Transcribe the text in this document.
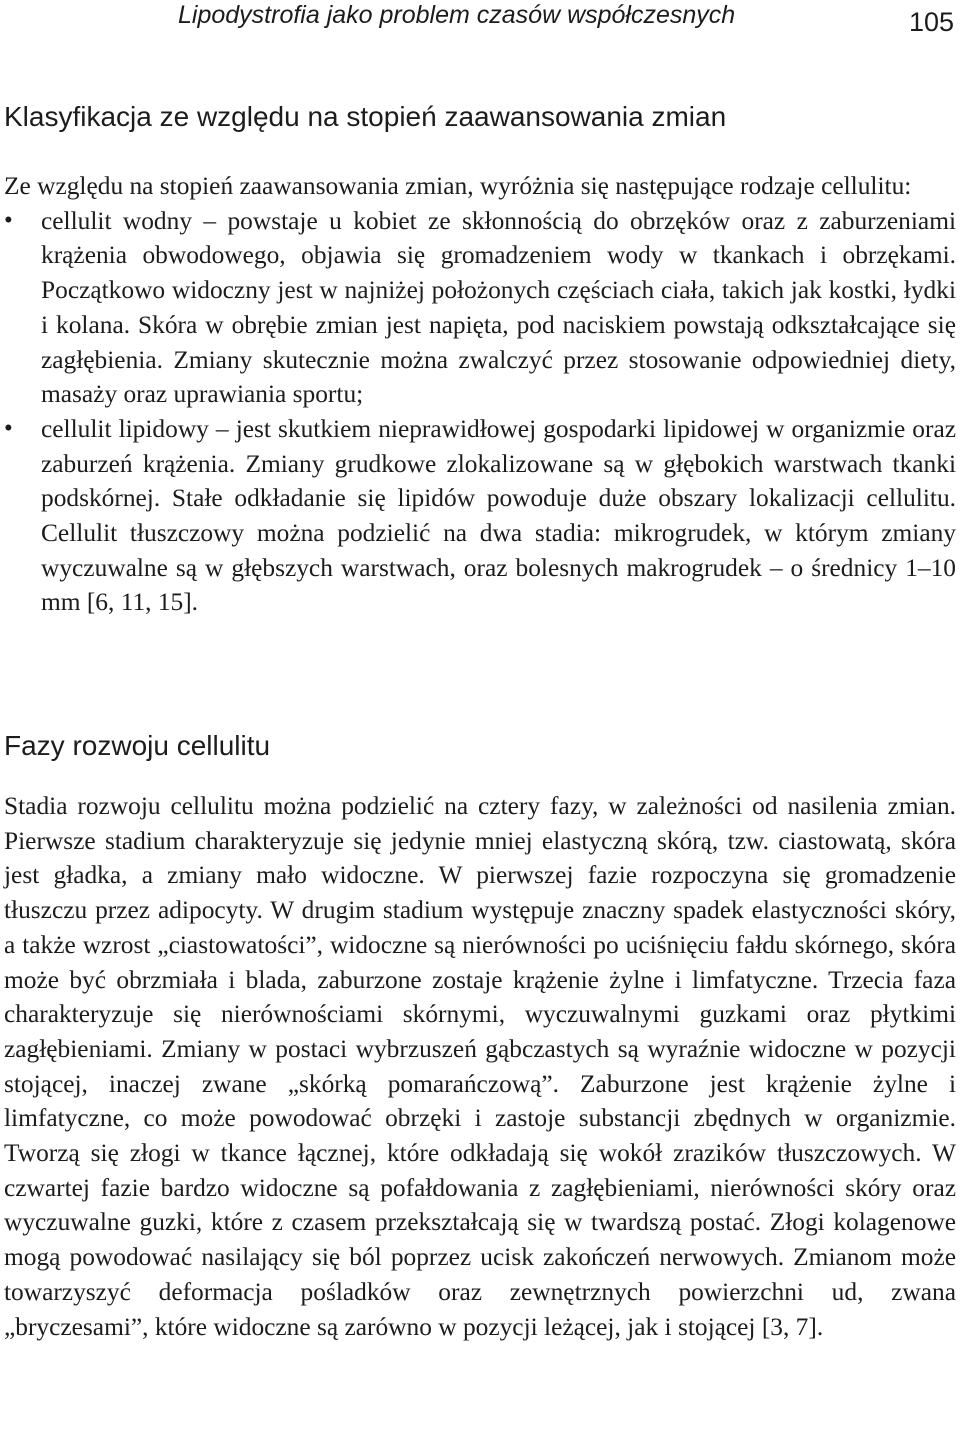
Lipodystrofia jako problem czasów współczesnych	105
Klasyfikacja ze względu na stopień zaawansowania zmian

Ze względu na stopień zaawansowania zmian, wyróżnia się następujące rodzaje cellulitu:

• cellulit wodny – powstaje u kobiet ze skłonnością do obrzęków oraz z zaburzeniami krążenia obwodowego, objawia się gromadzeniem wody w tkankach i obrzękami. Początkowo widoczny jest w najniżej położonych częściach ciała, takich jak kostki, łydki i kolana. Skóra w obrębie zmian jest napięta, pod naciskiem powstają odkształcające się zagłębienia. Zmiany skutecznie można zwalczyć przez stosowanie odpowiedniej diety, masaży oraz uprawiania sportu;
• cellulit lipidowy – jest skutkiem nieprawidłowej gospodarki lipidowej w organizmie oraz zaburzeń krążenia. Zmiany grudkowe zlokalizowane są w głębokich warstwach tkanki podskórnej. Stałe odkładanie się lipidów powoduje duże obszary lokalizacji cellulitu. Cellulit tłuszczowy można podzielić na dwa stadia: mikrogrudek, w którym zmiany wyczuwalne są w głębszych warstwach, oraz bolesnych makrogrudek – o średnicy 1–10 mm [6, 11, 15].
Fazy rozwoju cellulitu

Stadia rozwoju cellulitu można podzielić na cztery fazy, w zależności od nasilenia zmian. Pierwsze stadium charakteryzuje się jedynie mniej elastyczną skórą, tzw. ciastowatą, skóra jest gładka, a zmiany mało widoczne. W pierwszej fazie rozpoczyna się gromadzenie tłuszczu przez adipocyty. W drugim stadium występuje znaczny spadek elastyczności skóry, a także wzrost „ciastowatości”, widoczne są nierówności po uciśnięciu fałdu skórnego, skóra może być obrzmiała i blada, zaburzone zostaje krążenie żylne i limfatyczne. Trzecia faza charakteryzuje się nierównościami skórnymi, wyczuwalnymi guzkami oraz płytkimi zagłębieniami. Zmiany w postaci wybrzuszeń gąbczastych są wyraźnie widoczne w pozycji stojącej, inaczej zwane „skórką pomarańczową”. Zaburzone jest krążenie żylne i limfatyczne, co może powodować obrzęki i zastoje substancji zbędnych w organizmie. Tworzą się złogi w tkance łącznej, które odkładają się wokół zrazików tłuszczowych. W czwartej fazie bardzo widoczne są pofałdowania z zagłębieniami, nierówności skóry oraz wyczuwalne guzki, które z czasem przekształcają się w twardszą postać. Złogi kolagenowe mogą powodować nasilający się ból poprzez ucisk zakończeń nerwowych. Zmianom może towarzyszyć deformacja pośladków oraz zewnętrznych powierzchni ud, zwana „bryczesami”, które widoczne są zarówno w pozycji leżącej, jak i stojącej [3, 7].
